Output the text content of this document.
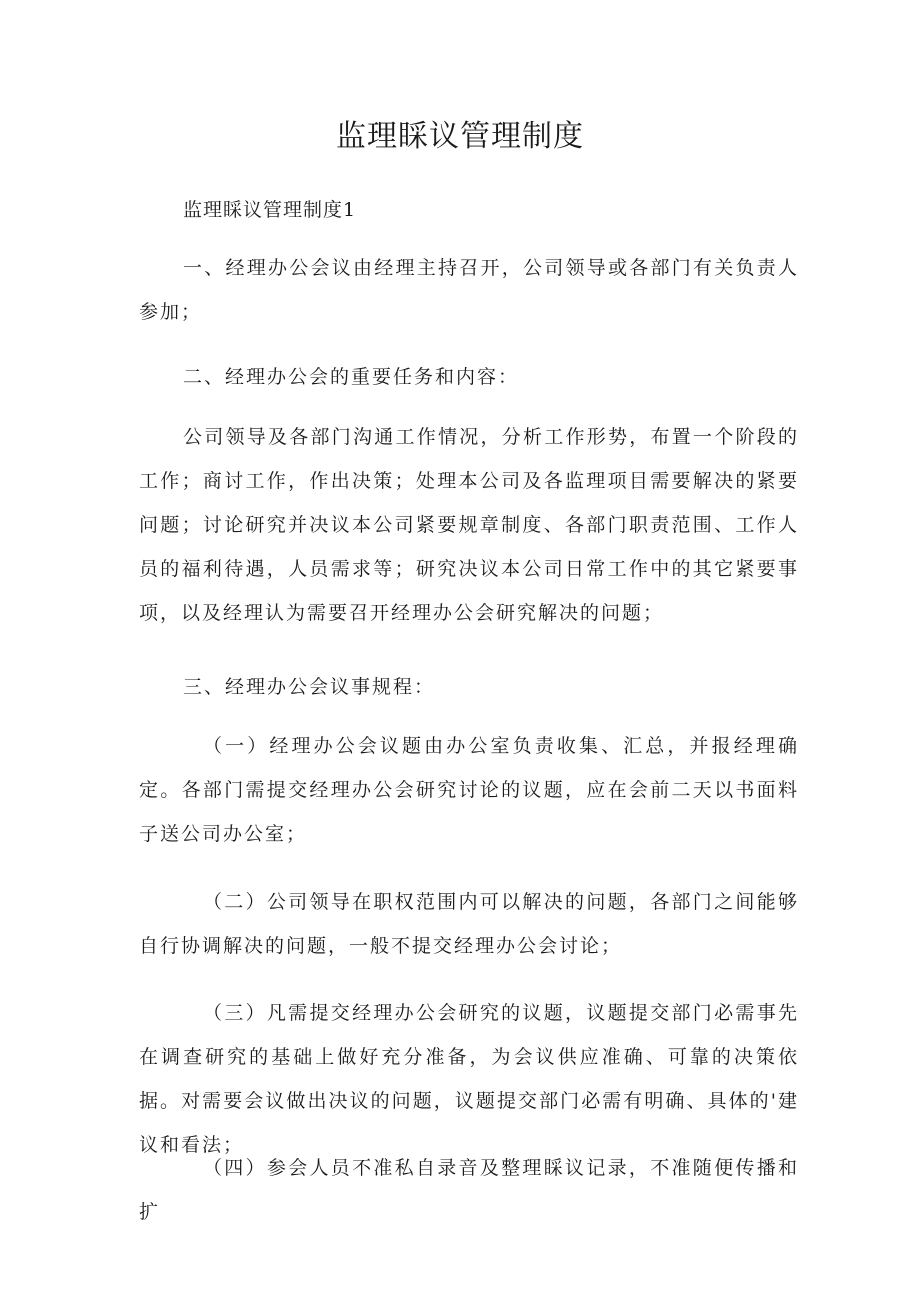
监理睬议管理制度

监理睬议管理制度1

一、经理办公会议由经理主持召开，公司领导或各部门有关负责人参加；

二、经理办公会的重要任务和内容：

公司领导及各部门沟通工作情况，分析工作形势，布置一个阶段的工作；商讨工作，作出决策；处理本公司及各监理项目需要解决的紧要问题；讨论研究并决议本公司紧要规章制度、各部门职责范围、工作人员的福利待遇，人员需求等；研究决议本公司日常工作中的其它紧要事项，以及经理认为需要召开经理办公会研究解决的问题；

三、经理办公会议事规程：

（一）经理办公会议题由办公室负责收集、汇总，并报经理确定。各部门需提交经理办公会研究讨论的议题，应在会前二天以书面料子送公司办公室；

（二）公司领导在职权范围内可以解决的问题，各部门之间能够自行协调解决的问题，一般不提交经理办公会讨论；

（三）凡需提交经理办公会研究的议题，议题提交部门必需事先在调查研究的基础上做好充分准备，为会议供应准确、可靠的决策依据。对需要会议做出决议的问题，议题提交部门必需有明确、具体的'建议和看法；

（四）参会人员不准私自录音及整理睬议记录，不准随便传播和扩
